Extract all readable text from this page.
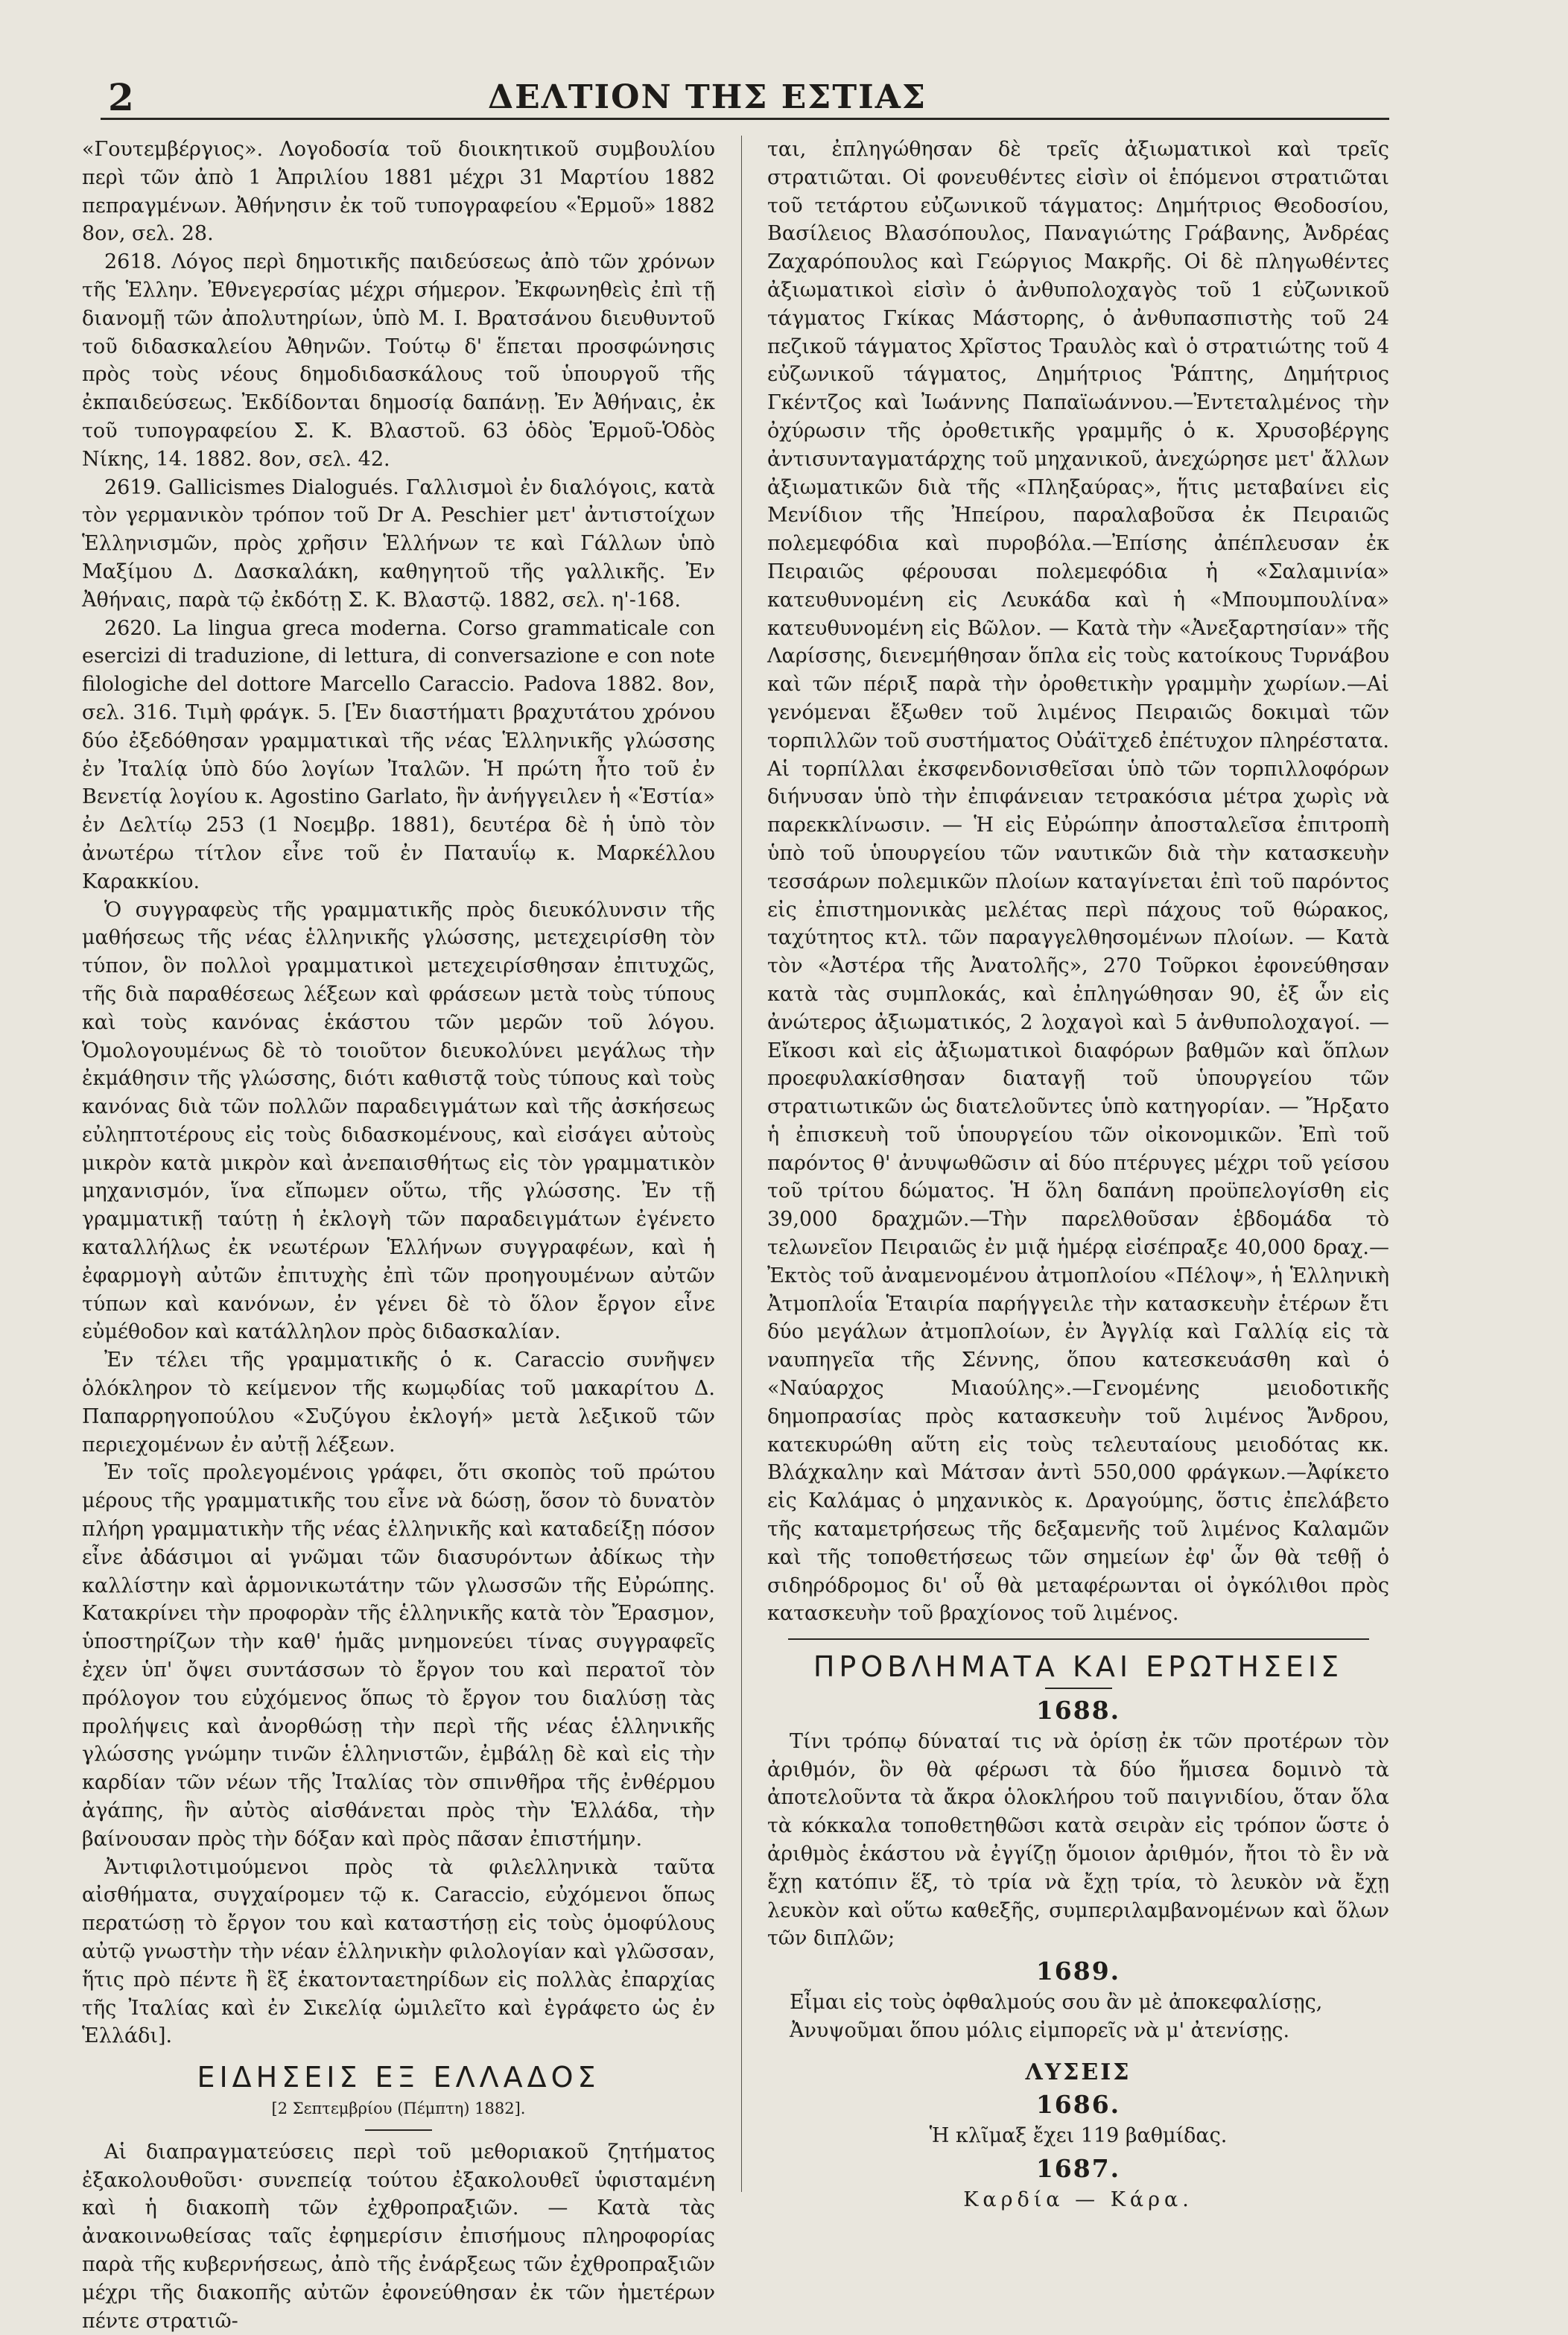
2	ΔΕΛΤΙΟΝ ΤΗΣ ΕΣΤΙΑΣ

«Γουτεμβέργιος». Λογοδοσία τοῦ διοικητικοῦ συμβουλίου περὶ τῶν ἀπὸ 1 Ἀπριλίου 1881 μέχρι 31 Μαρτίου 1882 πεπραγμένων. Ἀθήνησιν ἐκ τοῦ τυπογραφείου «Ἑρμοῦ» 1882 8ον, σελ. 28.

2618. Λόγος περὶ δημοτικῆς παιδεύσεως ἀπὸ τῶν χρόνων τῆς Ἑλλην. Ἐθνεγερσίας μέχρι σήμερον. Ἐκφωνηθεὶς ἐπὶ τῇ διανομῇ τῶν ἀπολυτηρίων, ὑπὸ Μ. Ι. Βρατσάνου διευθυντοῦ τοῦ διδασκαλείου Ἀθηνῶν. Τούτῳ δ' ἕπεται προσφώνησις πρὸς τοὺς νέους δημοδιδασκάλους τοῦ ὑπουργοῦ τῆς ἐκπαιδεύσεως. Ἐκδίδονται δημοσίᾳ δαπάνῃ. Ἐν Ἀθήναις, ἐκ τοῦ τυπογραφείου Σ. Κ. Βλαστοῦ. 63 ὁδὸς Ἑρμοῦ-Ὁδὸς Νίκης, 14. 1882. 8ον, σελ. 42.

2619. Gallicismes Dialogués. Γαλλισμοὶ ἐν διαλόγοις, κατὰ τὸν γερμανικὸν τρόπον τοῦ Dr A. Peschier μετ' ἀντιστοίχων Ἑλληνισμῶν, πρὸς χρῆσιν Ἑλλήνων τε καὶ Γάλλων ὑπὸ Μαξίμου Δ. Δασκαλάκη, καθηγητοῦ τῆς γαλλικῆς. Ἐν Ἀθήναις, παρὰ τῷ ἐκδότῃ Σ. Κ. Βλαστῷ. 1882, σελ. η'-168.

2620. La lingua greca moderna. Corso grammaticale con esercizi di traduzione, di lettura, di conversazione e con note filologiche del dottore Marcello Caraccio. Padova 1882. 8ον, σελ. 316. Τιμὴ φράγκ. 5. [Ἐν διαστήματι βραχυτάτου χρόνου δύο ἐξεδόθησαν γραμματικαὶ τῆς νέας Ἑλληνικῆς γλώσσης ἐν Ἰταλίᾳ ὑπὸ δύο λογίων Ἰταλῶν. Ἡ πρώτη ἦτο τοῦ ἐν Βενετίᾳ λογίου κ. Agostino Garlato, ἣν ἀνήγγειλεν ἡ «Ἑστία» ἐν Δελτίῳ 253 (1 Νοεμβρ. 1881), δευτέρα δὲ ἡ ὑπὸ τὸν ἀνωτέρω τίτλον εἶνε τοῦ ἐν Παταυΐῳ κ. Μαρκέλλου Καρακκίου.

Ὁ συγγραφεὺς τῆς γραμματικῆς πρὸς διευκόλυνσιν τῆς μαθήσεως τῆς νέας ἑλληνικῆς γλώσσης, μετεχειρίσθη τὸν τύπον, ὃν πολλοὶ γραμματικοὶ μετεχειρίσθησαν ἐπιτυχῶς, τῆς διὰ παραθέσεως λέξεων καὶ φράσεων μετὰ τοὺς τύπους καὶ τοὺς κανόνας ἑκάστου τῶν μερῶν τοῦ λόγου. Ὁμολογουμένως δὲ τὸ τοιοῦτον διευκολύνει μεγάλως τὴν ἐκμάθησιν τῆς γλώσσης, διότι καθιστᾷ τοὺς τύπους καὶ τοὺς κανόνας διὰ τῶν πολλῶν παραδειγμάτων καὶ τῆς ἀσκήσεως εὐληπτοτέρους εἰς τοὺς διδασκομένους, καὶ εἰσάγει αὐτοὺς μικρὸν κατὰ μικρὸν καὶ ἀνεπαισθήτως εἰς τὸν γραμματικὸν μηχανισμόν, ἵνα εἴπωμεν οὕτω, τῆς γλώσσης. Ἐν τῇ γραμματικῇ ταύτῃ ἡ ἐκλογὴ τῶν παραδειγμάτων ἐγένετο καταλλήλως ἐκ νεωτέρων Ἑλλήνων συγγραφέων, καὶ ἡ ἐφαρμογὴ αὐτῶν ἐπιτυχὴς ἐπὶ τῶν προηγουμένων αὐτῶν τύπων καὶ κανόνων, ἐν γένει δὲ τὸ ὅλον ἔργον εἶνε εὐμέθοδον καὶ κατάλληλον πρὸς διδασκαλίαν.

Ἐν τέλει τῆς γραμματικῆς ὁ κ. Caraccio συνῆψεν ὁλόκληρον τὸ κείμενον τῆς κωμῳδίας τοῦ μακαρίτου Δ. Παπαρρηγοπούλου «Συζύγου ἐκλογή» μετὰ λεξικοῦ τῶν περιεχομένων ἐν αὐτῇ λέξεων.

Ἐν τοῖς προλεγομένοις γράφει, ὅτι σκοπὸς τοῦ πρώτου μέρους τῆς γραμματικῆς του εἶνε νὰ δώσῃ, ὅσον τὸ δυνατὸν πλήρη γραμματικὴν τῆς νέας ἑλληνικῆς καὶ καταδείξῃ πόσον εἶνε ἀδάσιμοι αἱ γνῶμαι τῶν διασυρόντων ἀδίκως τὴν καλλίστην καὶ ἁρμονικωτάτην τῶν γλωσσῶν τῆς Εὐρώπης. Κατακρίνει τὴν προφορὰν τῆς ἑλληνικῆς κατὰ τὸν Ἔρασμον, ὑποστηρίζων τὴν καθ' ἡμᾶς μνημονεύει τίνας συγγραφεῖς ἐχεν ὑπ' ὄψει συντάσσων τὸ ἔργον του καὶ περατοῖ τὸν πρόλογον του εὐχόμενος ὅπως τὸ ἔργον του διαλύσῃ τὰς προλήψεις καὶ ἀνορθώσῃ τὴν περὶ τῆς νέας ἑλληνικῆς γλώσσης γνώμην τινῶν ἑλληνιστῶν, ἐμβάλῃ δὲ καὶ εἰς τὴν καρδίαν τῶν νέων τῆς Ἰταλίας τὸν σπινθῆρα τῆς ἐνθέρμου ἀγάπης, ἣν αὐτὸς αἰσθάνεται πρὸς τὴν Ἑλλάδα, τὴν βαίνουσαν πρὸς τὴν δόξαν καὶ πρὸς πᾶσαν ἐπιστήμην.

Ἀντιφιλοτιμούμενοι πρὸς τὰ φιλελληνικὰ ταῦτα αἰσθήματα, συγχαίρομεν τῷ κ. Caraccio, εὐχόμενοι ὅπως περατώσῃ τὸ ἔργον του καὶ καταστήσῃ εἰς τοὺς ὁμοφύλους αὐτῷ γνωστὴν τὴν νέαν ἑλληνικὴν φιλολογίαν καὶ γλῶσσαν, ἥτις πρὸ πέντε ἢ ἓξ ἑκατονταετηρίδων εἰς πολλὰς ἐπαρχίας τῆς Ἰταλίας καὶ ἐν Σικελίᾳ ὡμιλεῖτο καὶ ἐγράφετο ὡς ἐν Ἑλλάδι].

ΕΙΔΗΣΕΙΣ ΕΞ ΕΛΛΑΔΟΣ
[2 Σεπτεμβρίου (Πέμπτη) 1882].

Αἱ διαπραγματεύσεις περὶ τοῦ μεθοριακοῦ ζητήματος ἐξακολουθοῦσι· συνεπείᾳ τούτου ἐξακολουθεῖ ὑφισταμένη καὶ ἡ διακοπὴ τῶν ἐχθροπραξιῶν. — Κατὰ τὰς ἀνακοινωθείσας ταῖς ἐφημερίσιν ἐπισήμους πληροφορίας παρὰ τῆς κυβερνήσεως, ἀπὸ τῆς ἐνάρξεως τῶν ἐχθροπραξιῶν μέχρι τῆς διακοπῆς αὐτῶν ἐφονεύθησαν ἐκ τῶν ἡμετέρων πέντε στρατιῶ-

ται, ἐπληγώθησαν δὲ τρεῖς ἀξιωματικοὶ καὶ τρεῖς στρατιῶται. Οἱ φονευθέντες εἰσὶν οἱ ἑπόμενοι στρατιῶται τοῦ τετάρτου εὐζωνικοῦ τάγματος: Δημήτριος Θεοδοσίου, Βασίλειος Βλασόπουλος, Παναγιώτης Γράβανης, Ἀνδρέας Ζαχαρόπουλος καὶ Γεώργιος Μακρῆς. Οἱ δὲ πληγωθέντες ἀξιωματικοὶ εἰσὶν ὁ ἀνθυπολοχαγὸς τοῦ 1 εὐζωνικοῦ τάγματος Γκίκας Μάστορης, ὁ ἀνθυπασπιστὴς τοῦ 24 πεζικοῦ τάγματος Χρῖστος Τραυλὸς καὶ ὁ στρατιώτης τοῦ 4 εὐζωνικοῦ τάγματος, Δημήτριος Ῥάπτης, Δημήτριος Γκέντζος καὶ Ἰωάννης Παπαϊωάννου.—Ἐντεταλμένος τὴν ὀχύρωσιν τῆς ὀροθετικῆς γραμμῆς ὁ κ. Χρυσοβέργης ἀντισυνταγματάρχης τοῦ μηχανικοῦ, ἀνεχώρησε μετ' ἄλλων ἀξιωματικῶν διὰ τῆς «Πληξαύρας», ἥτις μεταβαίνει εἰς Μενίδιον τῆς Ἠπείρου, παραλαβοῦσα ἐκ Πειραιῶς πολεμεφόδια καὶ πυροβόλα.—Ἐπίσης ἀπέπλευσαν ἐκ Πειραιῶς φέρουσαι πολεμεφόδια ἡ «Σαλαμινία» κατευθυνομένη εἰς Λευκάδα καὶ ἡ «Μπουμπουλίνα» κατευθυνομένη εἰς Βῶλον. — Κατὰ τὴν «Ἀνεξαρτησίαν» τῆς Λαρίσσης, διενεμήθησαν ὅπλα εἰς τοὺς κατοίκους Τυρνάβου καὶ τῶν πέριξ παρὰ τὴν ὀροθετικὴν γραμμὴν χωρίων.—Αἱ γενόμεναι ἔξωθεν τοῦ λιμένος Πειραιῶς δοκιμαὶ τῶν τορπιλλῶν τοῦ συστήματος Οὐάϊτχεδ ἐπέτυχον πληρέστατα. Αἱ τορπίλλαι ἐκσφενδονισθεῖσαι ὑπὸ τῶν τορπιλλοφόρων διήνυσαν ὑπὸ τὴν ἐπιφάνειαν τετρακόσια μέτρα χωρὶς νὰ παρεκκλίνωσιν. — Ἡ εἰς Εὐρώπην ἀποσταλεῖσα ἐπιτροπὴ ὑπὸ τοῦ ὑπουργείου τῶν ναυτικῶν διὰ τὴν κατασκευὴν τεσσάρων πολεμικῶν πλοίων καταγίνεται ἐπὶ τοῦ παρόντος εἰς ἐπιστημονικὰς μελέτας περὶ πάχους τοῦ θώρακος, ταχύτητος κτλ. τῶν παραγγελθησομένων πλοίων. — Κατὰ τὸν «Ἀστέρα τῆς Ἀνατολῆς», 270 Τοῦρκοι ἐφονεύθησαν κατὰ τὰς συμπλοκάς, καὶ ἐπληγώθησαν 90, ἐξ ὧν εἰς ἀνώτερος ἀξιωματικός, 2 λοχαγοὶ καὶ 5 ἀνθυπολοχαγοί. — Εἴκοσι καὶ εἰς ἀξιωματικοὶ διαφόρων βαθμῶν καὶ ὅπλων προεφυλακίσθησαν διαταγῇ τοῦ ὑπουργείου τῶν στρατιωτικῶν ὡς διατελοῦντες ὑπὸ κατηγορίαν. — Ἤρξατο ἡ ἐπισκευὴ τοῦ ὑπουργείου τῶν οἰκονομικῶν. Ἐπὶ τοῦ παρόντος θ' ἀνυψωθῶσιν αἱ δύο πτέρυγες μέχρι τοῦ γείσου τοῦ τρίτου δώματος. Ἡ ὅλη δαπάνη προϋπελογίσθη εἰς 39,000 δραχμῶν.—Τὴν παρελθοῦσαν ἑβδομάδα τὸ τελωνεῖον Πειραιῶς ἐν μιᾷ ἡμέρᾳ εἰσέπραξε 40,000 δραχ.—Ἐκτὸς τοῦ ἀναμενομένου ἀτμοπλοίου «Πέλοψ», ἡ Ἑλληνικὴ Ἀτμοπλοΐα Ἑταιρία παρήγγειλε τὴν κατασκευὴν ἑτέρων ἔτι δύο μεγάλων ἀτμοπλοίων, ἐν Ἀγγλίᾳ καὶ Γαλλίᾳ εἰς τὰ ναυπηγεῖα τῆς Σέννης, ὅπου κατεσκευάσθη καὶ ὁ «Ναύαρχος Μιαούλης».—Γενομένης μειοδοτικῆς δημοπρασίας πρὸς κατασκευὴν τοῦ λιμένος Ἄνδρου, κατεκυρώθη αὕτη εἰς τοὺς τελευταίους μειοδότας κκ. Βλάχκαλην καὶ Μάτσαν ἀντὶ 550,000 φράγκων.—Ἀφίκετο εἰς Καλάμας ὁ μηχανικὸς κ. Δραγούμης, ὅστις ἐπελάβετο τῆς καταμετρήσεως τῆς δεξαμενῆς τοῦ λιμένος Καλαμῶν καὶ τῆς τοποθετήσεως τῶν σημείων ἐφ' ὧν θὰ τεθῇ ὁ σιδηρόδρομος δι' οὗ θὰ μεταφέρωνται οἱ ὀγκόλιθοι πρὸς κατασκευὴν τοῦ βραχίονος τοῦ λιμένος.

ΠΡΟΒΛΗΜΑΤΑ ΚΑΙ ΕΡΩΤΗΣΕΙΣ
1688.

Τίνι τρόπῳ δύναταί τις νὰ ὁρίσῃ ἐκ τῶν προτέρων τὸν ἀριθμόν, ὃν θὰ φέρωσι τὰ δύο ἥμισεα δομινὸ τὰ ἀποτελοῦντα τὰ ἄκρα ὁλοκλήρου τοῦ παιγνιδίου, ὅταν ὅλα τὰ κόκκαλα τοποθετηθῶσι κατὰ σειρὰν εἰς τρόπον ὥστε ὁ ἀριθμὸς ἑκάστου νὰ ἐγγίζῃ ὅμοιον ἀριθμόν, ἤτοι τὸ ἓν νὰ ἔχῃ κατόπιν ἕξ, τὸ τρία νὰ ἔχῃ τρία, τὸ λευκὸν νὰ ἔχῃ λευκὸν καὶ οὕτω καθεξῆς, συμπεριλαμβανομένων καὶ ὅλων τῶν διπλῶν;

1689.

Εἶμαι εἰς τοὺς ὀφθαλμούς σου ἂν μὲ ἀποκεφαλίσῃς,

Ἀνυψοῦμαι ὅπου μόλις εἰμπορεῖς νὰ μ' ἀτενίσῃς.

ΛΥΣΕΙΣ
1686.

Ἡ κλῖμαξ ἔχει 119 βαθμίδας.

1687.

Καρδία — Κάρα.
